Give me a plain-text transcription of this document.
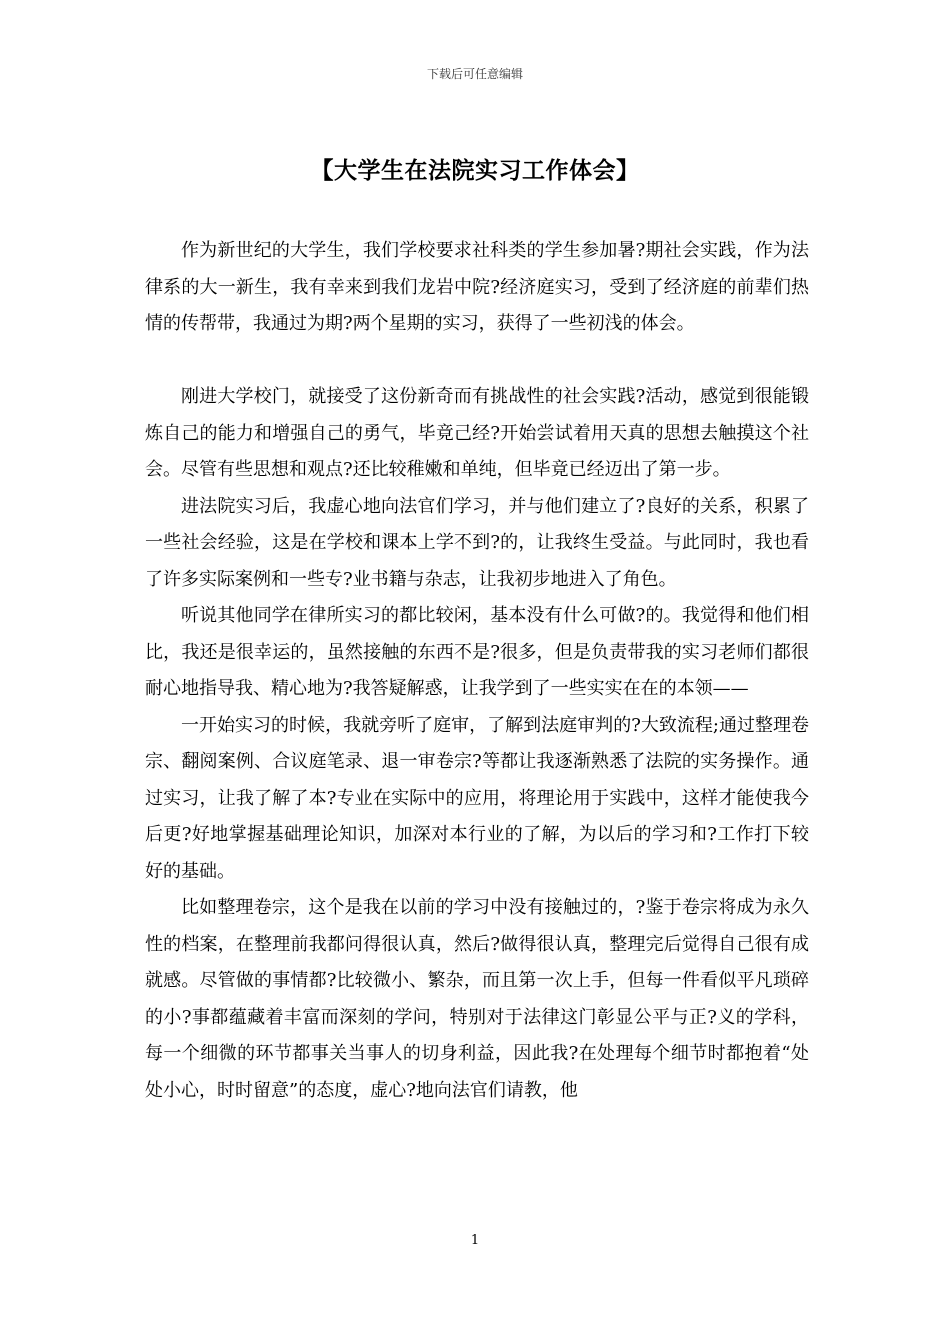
下载后可任意编辑
【大学生在法院实习工作体会】

作为新世纪的大学生，我们学校要求社科类的学生参加暑?期社会实践，作为法律系的大一新生，我有幸来到我们龙岩中院?经济庭实习，受到了经济庭的前辈们热情的传帮带，我通过为期?两个星期的实习，获得了一些初浅的体会。

刚进大学校门，就接受了这份新奇而有挑战性的社会实践?活动，感觉到很能锻炼自己的能力和增强自己的勇气，毕竟己经?开始尝试着用天真的思想去触摸这个社会。尽管有些思想和观点?还比较稚嫩和单纯，但毕竟已经迈出了第一步。

进法院实习后，我虚心地向法官们学习，并与他们建立了?良好的关系，积累了一些社会经验，这是在学校和课本上学不到?的，让我终生受益。与此同时，我也看了许多实际案例和一些专?业书籍与杂志，让我初步地进入了角色。

听说其他同学在律所实习的都比较闲，基本没有什么可做?的。我觉得和他们相比，我还是很幸运的，虽然接触的东西不是?很多，但是负责带我的实习老师们都很耐心地指导我、精心地为?我答疑解惑，让我学到了一些实实在在的本领——

一开始实习的时候，我就旁听了庭审，了解到法庭审判的?大致流程;通过整理卷宗、翻阅案例、合议庭笔录、退一审卷宗?等都让我逐渐熟悉了法院的实务操作。通过实习，让我了解了本?专业在实际中的应用，将理论用于实践中，这样才能使我今后更?好地掌握基础理论知识，加深对本行业的了解，为以后的学习和?工作打下较好的基础。

比如整理卷宗，这个是我在以前的学习中没有接触过的，?鉴于卷宗将成为永久性的档案，在整理前我都问得很认真，然后?做得很认真，整理完后觉得自己很有成就感。尽管做的事情都?比较微小、繁杂，而且第一次上手，但每一件看似平凡琐碎的小?事都蕴藏着丰富而深刻的学问，特别对于法律这门彰显公平与正?义的学科，每一个细微的环节都事关当事人的切身利益，因此我?在处理每个细节时都抱着“处处小心，时时留意”的态度，虚心?地向法官们请教，他

1
